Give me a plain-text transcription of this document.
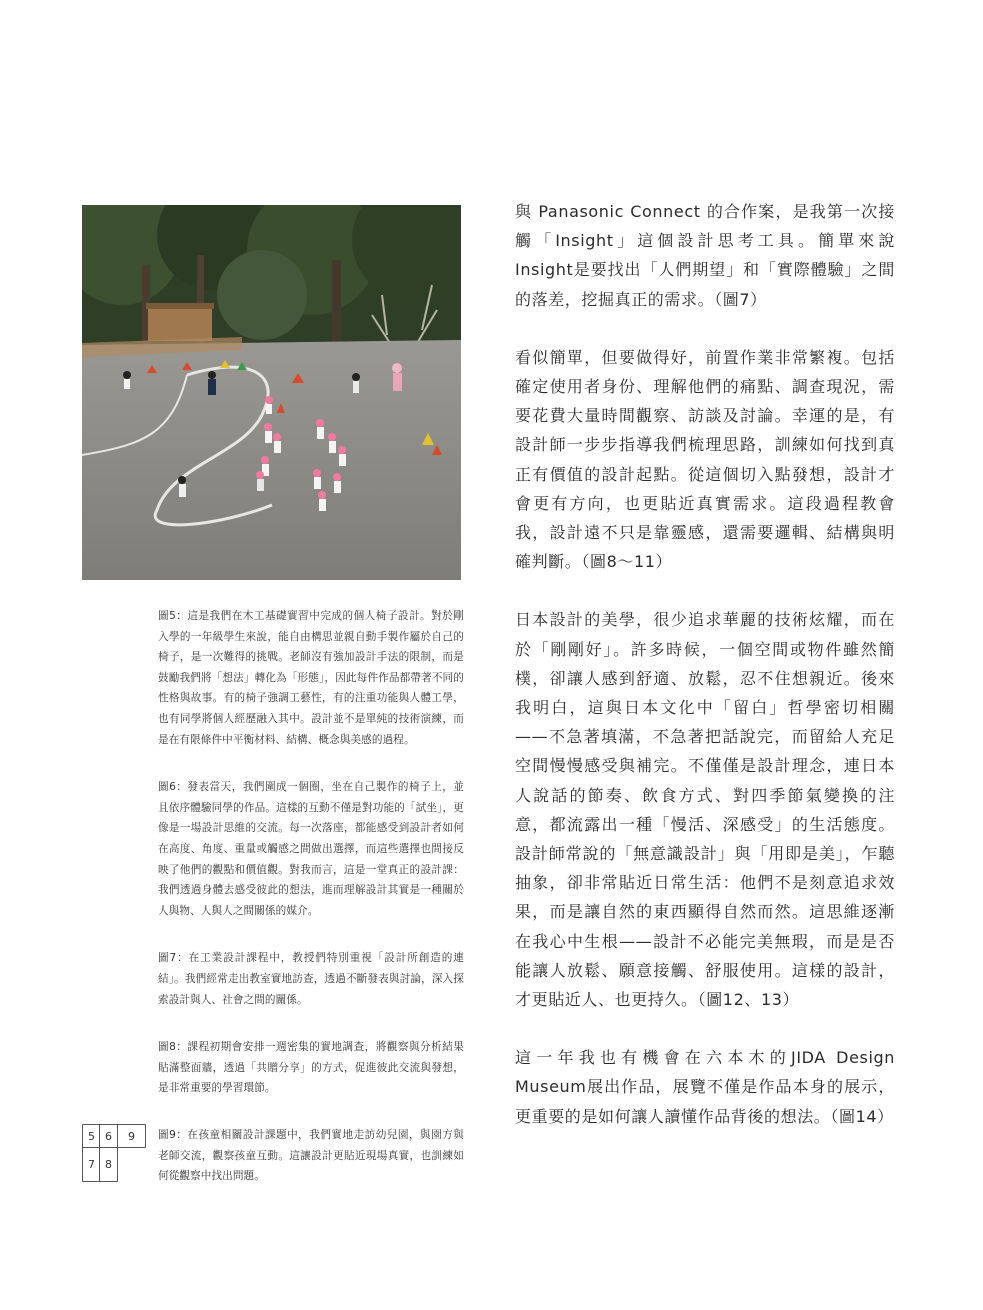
圖5：這是我們在木工基礎實習中完成的個人椅子設計。對於剛入學的一年級學生來說，能自由構思並親自動手製作屬於自己的椅子，是一次難得的挑戰。老師沒有強加設計手法的限制，而是鼓勵我們將「想法」轉化為「形態」，因此每件作品都帶著不同的性格與故事。有的椅子強調工藝性，有的注重功能與人體工學，也有同學將個人經歷融入其中。設計並不是單純的技術演練，而是在有限條件中平衡材料、結構、概念與美感的過程。

圖6：發表當天，我們圍成一個圈，坐在自己製作的椅子上，並且依序體驗同學的作品。這樣的互動不僅是對功能的「試坐」，更像是一場設計思維的交流。每一次落座，都能感受到設計者如何在高度、角度、重量或觸感之間做出選擇，而這些選擇也間接反映了他們的觀點和價值觀。對我而言，這是一堂真正的設計課：我們透過身體去感受彼此的想法，進而理解設計其實是一種關於人與物、人與人之間關係的媒介。

圖7：在工業設計課程中，教授們特別重視「設計所創造的連結」。我們經常走出教室實地訪查，透過不斷發表與討論，深入探索設計與人、社會之間的關係。

圖8：課程初期會安排一週密集的實地調查，將觀察與分析結果貼滿整面牆，透過「共贈分享」的方式，促進彼此交流與發想，是非常重要的學習環節。

圖9：在孩童相關設計課題中，我們實地走訪幼兒園，與園方與老師交流，觀察孩童互動。這讓設計更貼近現場真實，也訓練如何從觀察中找出問題。

5 6	9
7 8

與 Panasonic Connect 的合作案，是我第一次接觸「Insight」這個設計思考工具。簡單來說Insight是要找出「人們期望」和「實際體驗」之間的落差，挖掘真正的需求。（圖7）

看似簡單，但要做得好，前置作業非常繁複。包括確定使用者身份、理解他們的痛點、調查現況，需要花費大量時間觀察、訪談及討論。幸運的是，有設計師一步步指導我們梳理思路，訓練如何找到真正有價值的設計起點。從這個切入點發想，設計才會更有方向，也更貼近真實需求。這段過程教會我，設計遠不只是靠靈感，還需要邏輯、結構與明確判斷。（圖8～11）

日本設計的美學，很少追求華麗的技術炫耀，而在於「剛剛好」。許多時候，一個空間或物件雖然簡樸，卻讓人感到舒適、放鬆，忍不住想親近。後來我明白，這與日本文化中「留白」哲學密切相關——不急著填滿，不急著把話說完，而留給人充足空間慢慢感受與補完。不僅僅是設計理念，連日本人說話的節奏、飲食方式、對四季節氣變換的注意，都流露出一種「慢活、深感受」的生活態度。設計師常說的「無意識設計」與「用即是美」，乍聽抽象，卻非常貼近日常生活：他們不是刻意追求效果，而是讓自然的東西顯得自然而然。這思維逐漸在我心中生根——設計不必能完美無瑕，而是是否能讓人放鬆、願意接觸、舒服使用。這樣的設計，才更貼近人、也更持久。（圖12、13）

這一年我也有機會在六本木的JIDA Design Museum展出作品，展覽不僅是作品本身的展示，更重要的是如何讓人讀懂作品背後的想法。（圖14）
